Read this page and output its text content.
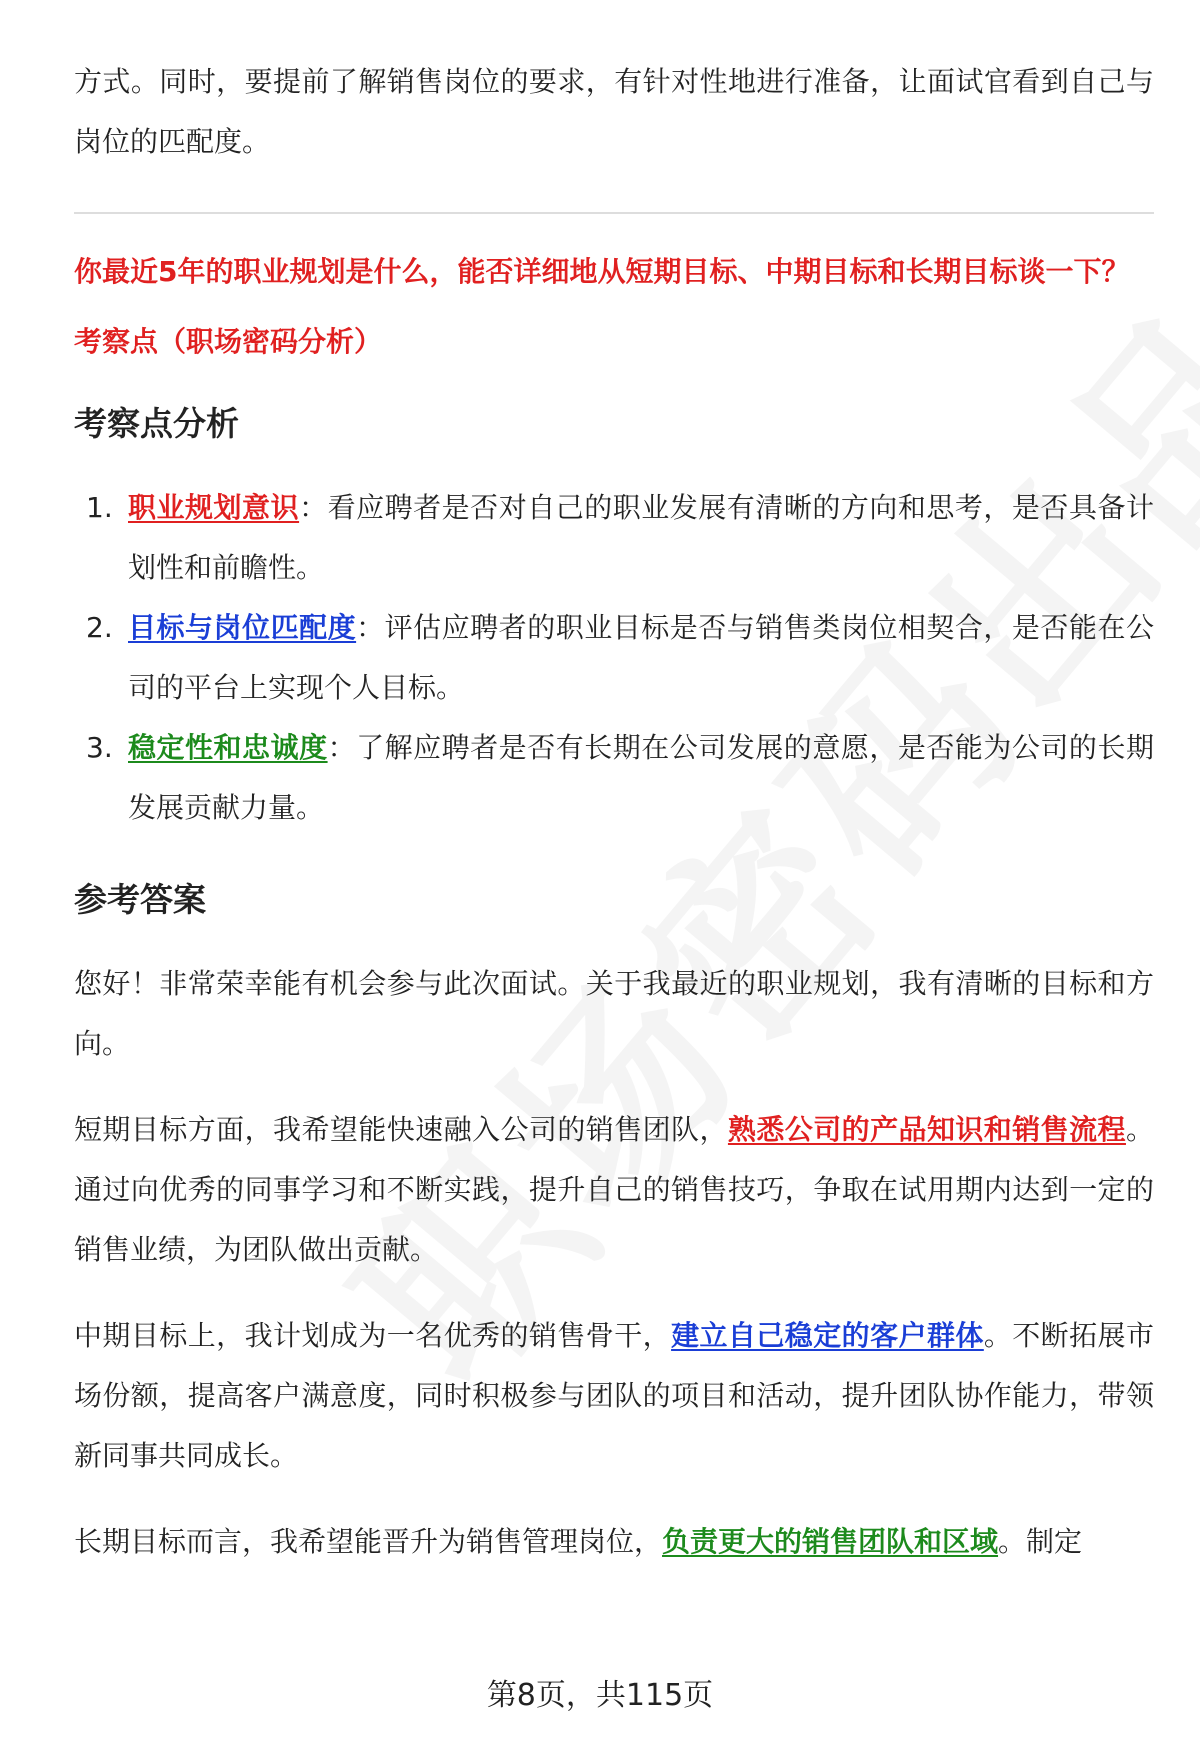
方式。同时，要提前了解销售岗位的要求，有针对性地进行准备，让面试官看到自己与岗位的匹配度。

你最近5年的职业规划是什么，能否详细地从短期目标、中期目标和长期目标谈一下？

考察点（职场密码分析）

考察点分析
1. 职业规划意识：看应聘者是否对自己的职业发展有清晰的方向和思考，是否具备计划性和前瞻性。
2. 目标与岗位匹配度：评估应聘者的职业目标是否与销售类岗位相契合，是否能在公司的平台上实现个人目标。
3. 稳定性和忠诚度：了解应聘者是否有长期在公司发展的意愿，是否能为公司的长期发展贡献力量。
参考答案

您好！非常荣幸能有机会参与此次面试。关于我最近的职业规划，我有清晰的目标和方向。

短期目标方面，我希望能快速融入公司的销售团队，熟悉公司的产品知识和销售流程。通过向优秀的同事学习和不断实践，提升自己的销售技巧，争取在试用期内达到一定的销售业绩，为团队做出贡献。

中期目标上，我计划成为一名优秀的销售骨干，建立自己稳定的客户群体。不断拓展市场份额，提高客户满意度，同时积极参与团队的项目和活动，提升团队协作能力，带领新同事共同成长。

长期目标而言，我希望能晋升为销售管理岗位，负责更大的销售团队和区域。制定

第8页，共115页
